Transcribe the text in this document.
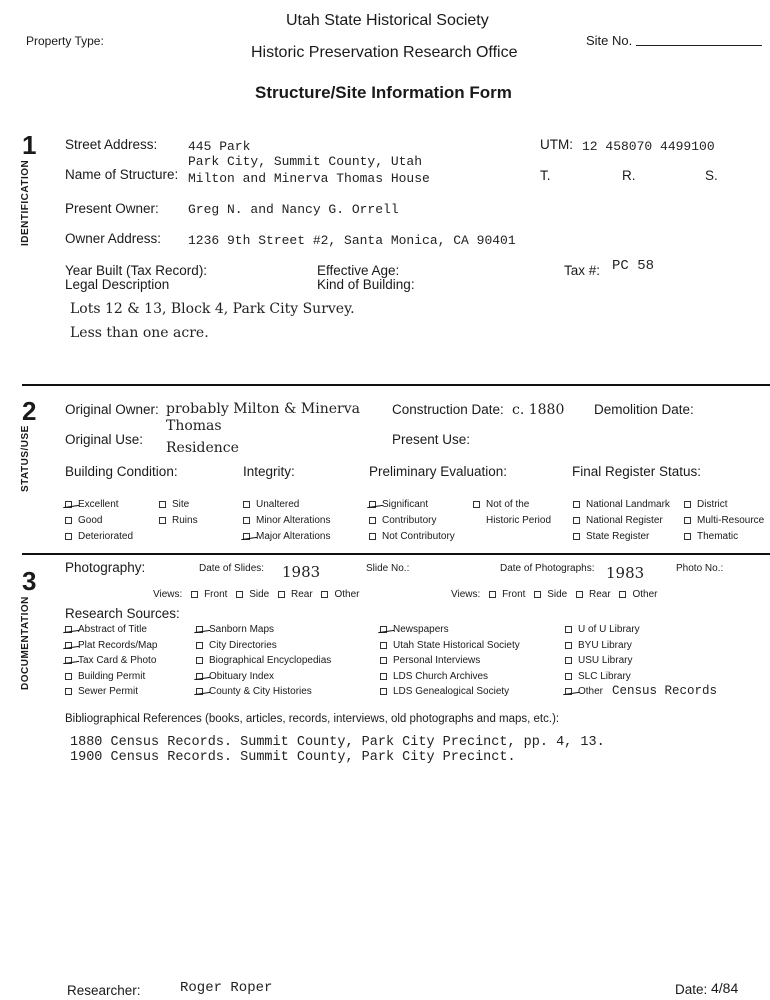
Utah State Historical Society
Historic Preservation Research Office
Property Type:	Site No.
Structure/Site Information Form
1
IDENTIFICATION
Street Address: 445 Park
Park City, Summit County, Utah
UTM: 12 458070 4499100
Name of Structure: Milton and Minerva Thomas House	T.	R.	S.
Present Owner: Greg N. and Nancy G. Orrell
Owner Address: 1236 9th Street #2, Santa Monica, CA 90401
Year Built (Tax Record):	Effective Age:	Tax #: PC 58
Legal Description	Kind of Building:
Lots 12 & 13, Block 4, Park City Survey.
Less than one acre.
2
STATUS/USE
Original Owner: probably Milton & Minerva
Thomas
Construction Date: c. 1880 Demolition Date:
Original Use:
Residence
Present Use:
Building Condition:	Integrity:	Preliminary Evaluation:	Final Register Status:
Excellent
Good
Deteriorated
Site
Ruins
Unaltered
Minor Alterations
Major Alterations
Significant
Contributory
Not Contributory
Not of the
Historic Period
National Landmark
National Register
State Register
District
Multi-Resource
Thematic
3
DOCUMENTATION
Photography:	Date of Slides: 1983	Slide No.:	Date of Photographs: 1983	Photo No.:
Views: Front Side Rear Other	Views: Front Side Rear Other
Research Sources:
Abstract of Title
Plat Records/Map
Tax Card & Photo
Building Permit
Sewer Permit
Sanborn Maps
City Directories
Biographical Encyclopedias
Obituary Index
County & City Histories
Newspapers
Utah State Historical Society
Personal Interviews
LDS Church Archives
LDS Genealogical Society
U of U Library
BYU Library
USU Library
SLC Library
Other Census Records
Bibliographical References (books, articles, records, interviews, old photographs and maps, etc.):
1880 Census Records. Summit County, Park City Precinct, pp. 4, 13.
1900 Census Records. Summit County, Park City Precinct.
Researcher:	Roger Roper	Date: 4/84
